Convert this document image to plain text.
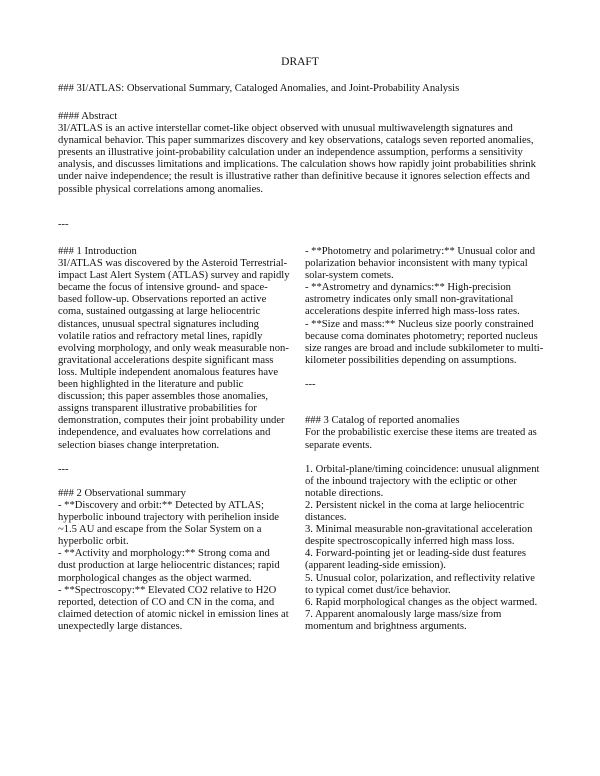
DRAFT
### 3I/ATLAS: Observational Summary, Cataloged Anomalies, and Joint-Probability Analysis

#### Abstract

3I/ATLAS is an active interstellar comet-like object observed with unusual multiwavelength signatures and dynamical behavior. This paper summarizes discovery and key observations, catalogs seven reported anomalies, presents an illustrative joint-probability calculation under an independence assumption, performs a sensitivity analysis, and discusses limitations and implications. The calculation shows how rapidly joint probabilities shrink under naive independence; the result is illustrative rather than definitive because it ignores selection effects and possible physical correlations among anomalies.

---

### 1 Introduction

3I/ATLAS was discovered by the Asteroid Terrestrial-impact Last Alert System (ATLAS) survey and rapidly became the focus of intensive ground- and space-based follow-up. Observations reported an active coma, sustained outgassing at large heliocentric distances, unusual spectral signatures including volatile ratios and refractory metal lines, rapidly evolving morphology, and only weak measurable non-gravitational accelerations despite significant mass loss. Multiple independent anomalous features have been highlighted in the literature and public discussion; this paper assembles those anomalies, assigns transparent illustrative probabilities for demonstration, computes their joint probability under independence, and evaluates how correlations and selection biases change interpretation.

---

### 2 Observational summary

- **Discovery and orbit:** Detected by ATLAS; hyperbolic inbound trajectory with perihelion inside ~1.5 AU and escape from the Solar System on a hyperbolic orbit.
- **Activity and morphology:** Strong coma and dust production at large heliocentric distances; rapid morphological changes as the object warmed.
- **Spectroscopy:** Elevated CO2 relative to H2O reported, detection of CO and CN in the coma, and claimed detection of atomic nickel in emission lines at unexpectedly large distances.
- **Photometry and polarimetry:** Unusual color and polarization behavior inconsistent with many typical solar-system comets.
- **Astrometry and dynamics:** High-precision astrometry indicates only small non-gravitational accelerations despite inferred high mass-loss rates.
- **Size and mass:** Nucleus size poorly constrained because coma dominates photometry; reported nucleus size ranges are broad and include subkilometer to multi-kilometer possibilities depending on assumptions.

---

### 3 Catalog of reported anomalies

For the probabilistic exercise these items are treated as separate events.

1. Orbital-plane/timing coincidence: unusual alignment of the inbound trajectory with the ecliptic or other notable directions.
2. Persistent nickel in the coma at large heliocentric distances.
3. Minimal measurable non-gravitational acceleration despite spectroscopically inferred high mass loss.
4. Forward-pointing jet or leading-side dust features (apparent leading-side emission).
5. Unusual color, polarization, and reflectivity relative to typical comet dust/ice behavior.
6. Rapid morphological changes as the object warmed.
7. Apparent anomalously large mass/size from momentum and brightness arguments.
